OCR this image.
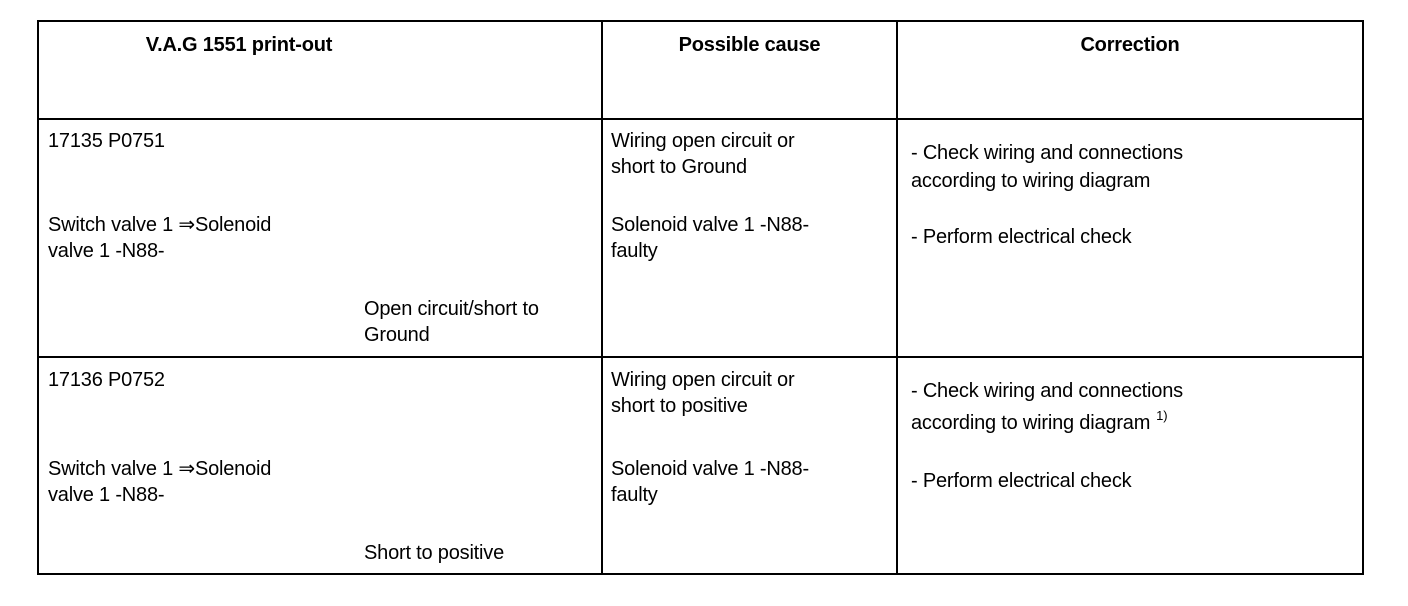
V.A.G 1551 print-out	Possible cause	Correction
17135 P0751
Switch valve 1 ⇒Solenoid
valve 1 -N88-
Open circuit/short to
Ground
Wiring open circuit or
short to Ground
Solenoid valve 1 -N88-
faulty
- Check wiring and connections
according to wiring diagram
- Perform electrical check
17136 P0752
Switch valve 1 ⇒Solenoid
valve 1 -N88-
Short to positive
Wiring open circuit or
short to positive
Solenoid valve 1 -N88-
faulty
- Check wiring and connections
according to wiring diagram $^{1)}$
- Perform electrical check
